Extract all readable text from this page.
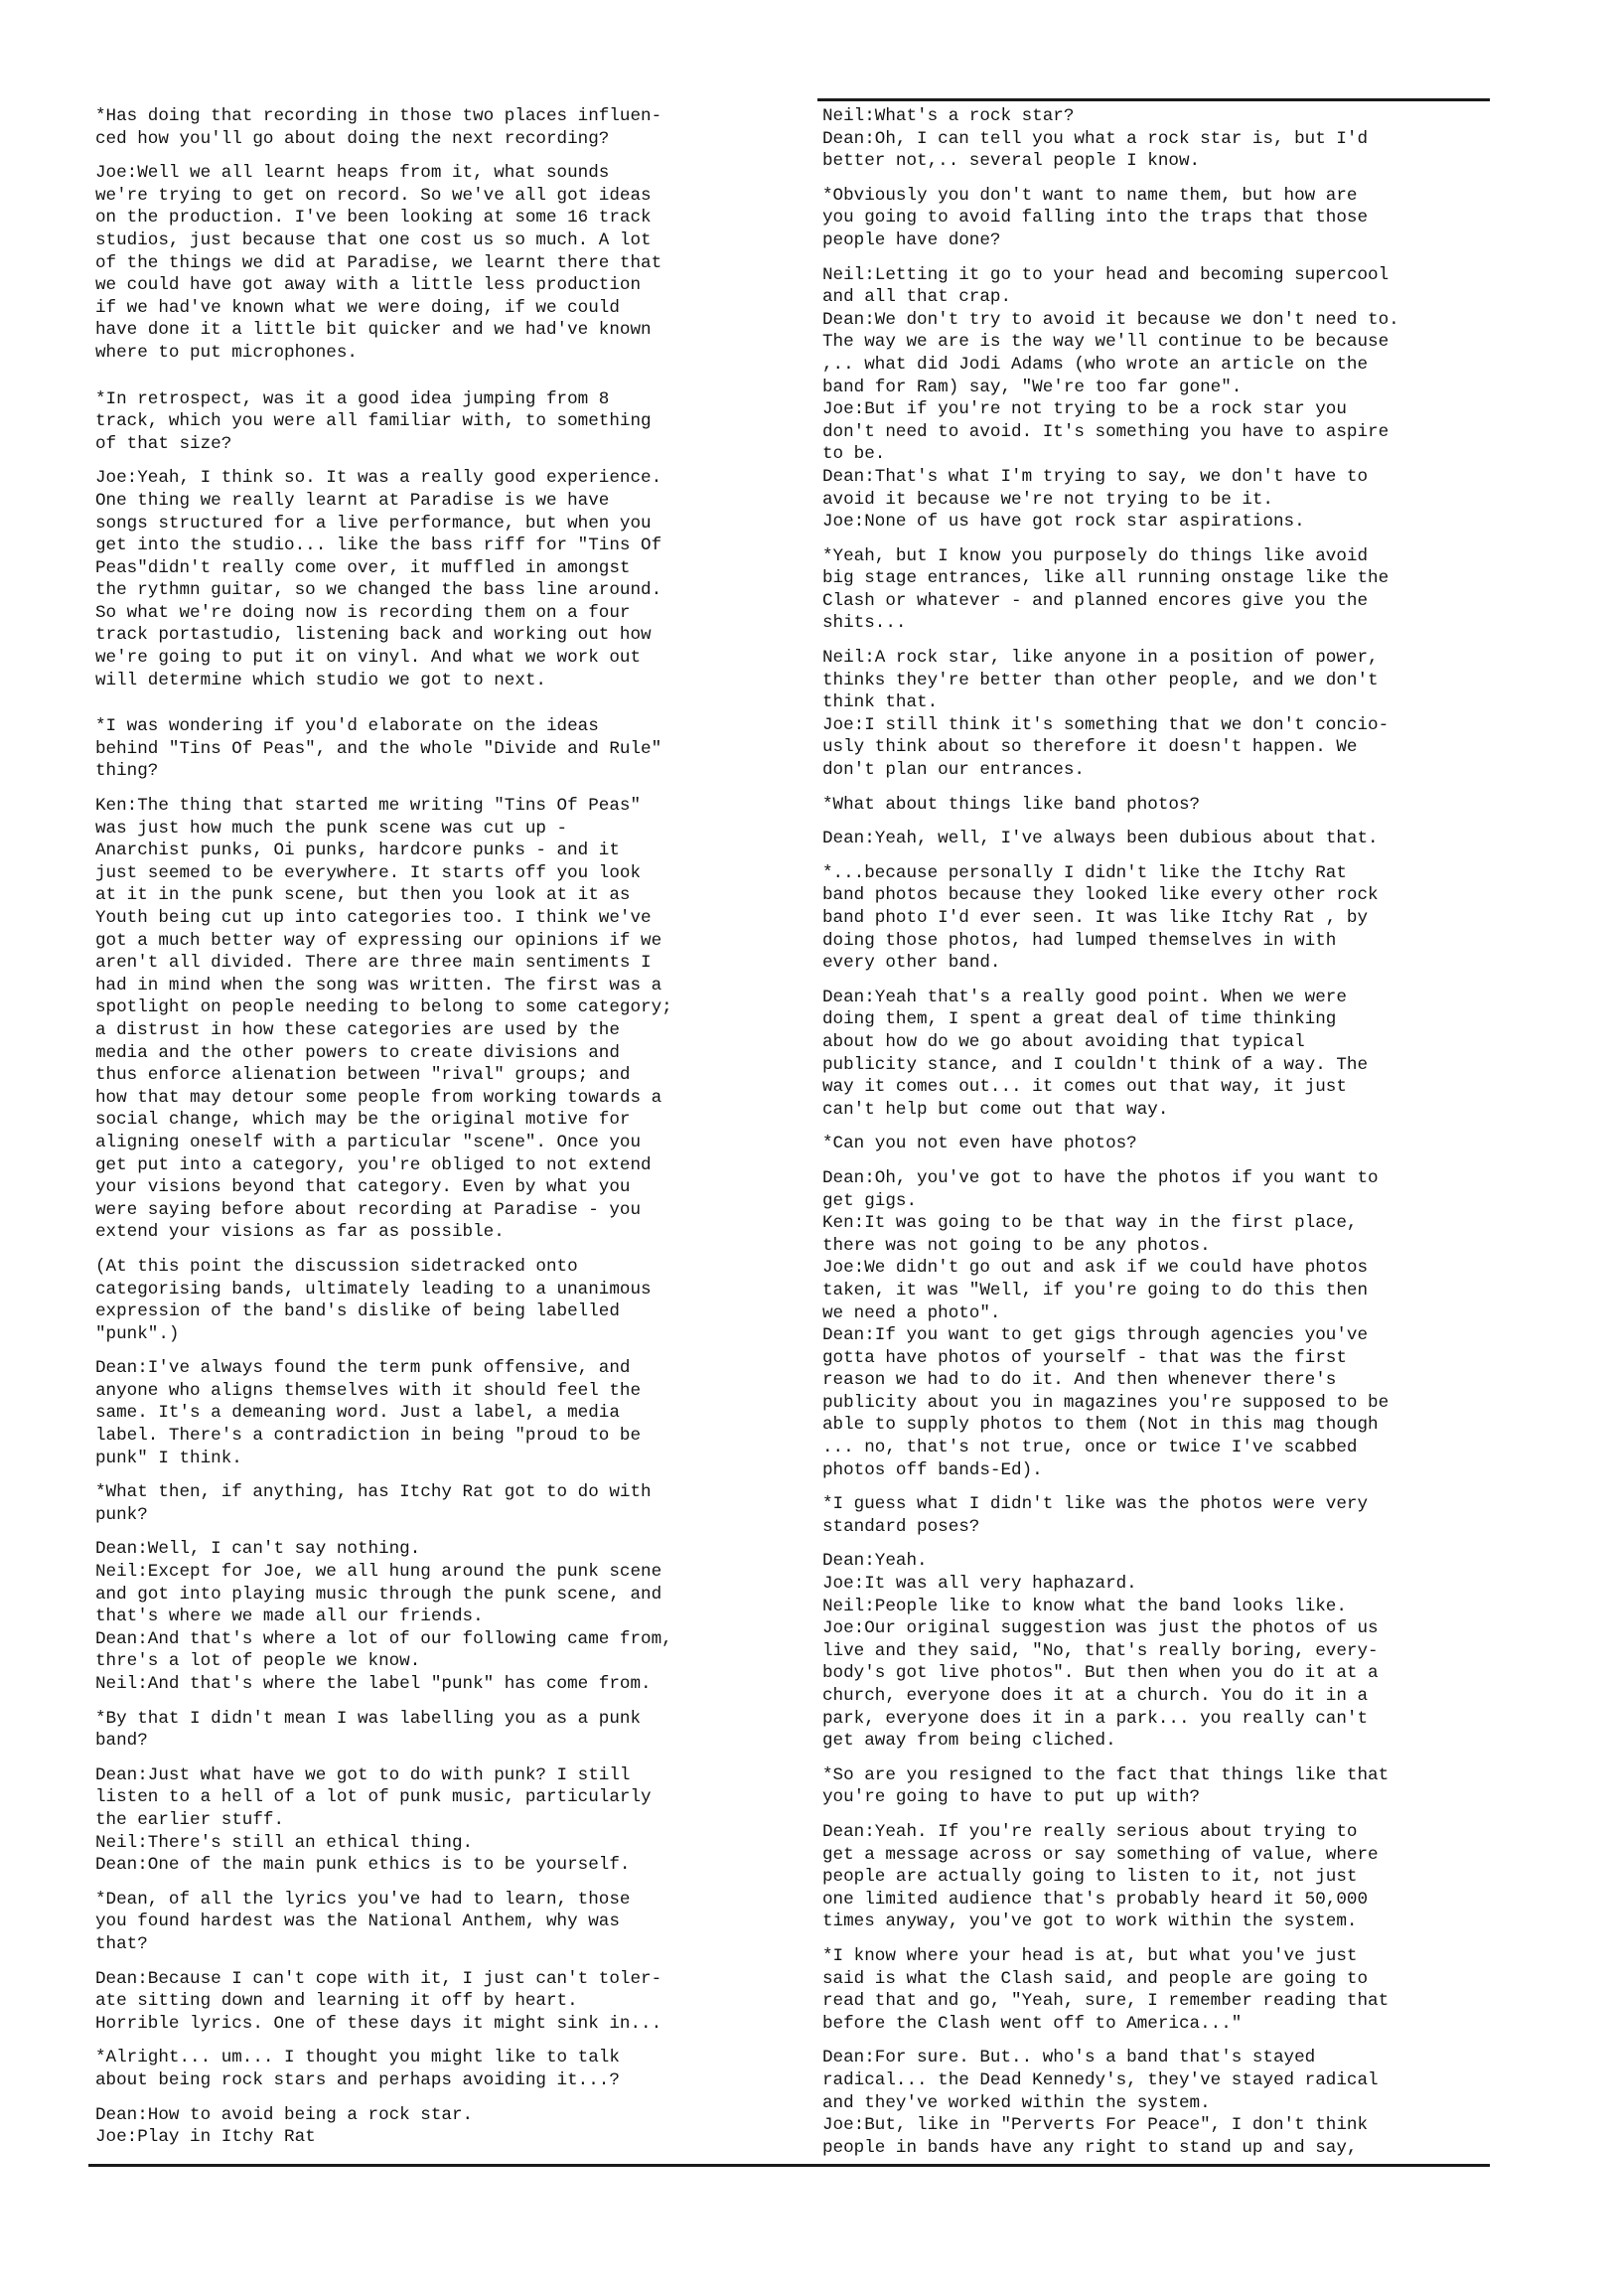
*Has doing that recording in those two places influen-
ced how you'll go about doing the next recording?
Joe:Well we all learnt heaps from it, what sounds
we're trying to get on record. So we've all got ideas
on the production. I've been looking at some 16 track
studios, just because that one cost us so much. A lot
of the things we did at Paradise, we learnt there that
we could have got away with a little less production
if we had've known what we were doing, if we could
have done it a little bit quicker and we had've known
where to put microphones.
*In retrospect, was it a good idea jumping from 8
track, which you were all familiar with, to something
of that size?
Joe:Yeah, I think so. It was a really good experience.
One thing we really learnt at Paradise is we have
songs structured for a live performance, but when you
get into the studio... like the bass riff for "Tins Of
Peas"didn't really come over, it muffled in amongst
the rythmn guitar, so we changed the bass line around.
So what we're doing now is recording them on a four
track portastudio, listening back and working out how
we're going to put it on vinyl. And what we work out
will determine which studio we got to next.
*I was wondering if you'd elaborate on the ideas
behind "Tins Of Peas", and the whole "Divide and Rule"
thing?
Ken:The thing that started me writing "Tins Of Peas"
was just how much the punk scene was cut up -
Anarchist punks, Oi punks, hardcore punks - and it
just seemed to be everywhere. It starts off you look
at it in the punk scene, but then you look at it as
Youth being cut up into categories too. I think we've
got a much better way of expressing our opinions if we
aren't all divided. There are three main sentiments I
had in mind when the song was written. The first was a
spotlight on people needing to belong to some category;
a distrust in how these categories are used by the
media and the other powers to create divisions and
thus enforce alienation between "rival" groups; and
how that may detour some people from working towards a
social change, which may be the original motive for
aligning oneself with a particular "scene". Once you
get put into a category, you're obliged to not extend
your visions beyond that category. Even by what you
were saying before about recording at Paradise - you
extend your visions as far as possible.
(At this point the discussion sidetracked onto
categorising bands, ultimately leading to a unanimous
expression of the band's dislike of being labelled
"punk".)
Dean:I've always found the term punk offensive, and
anyone who aligns themselves with it should feel the
same. It's a demeaning word. Just a label, a media
label. There's a contradiction in being "proud to be
punk" I think.
*What then, if anything, has Itchy Rat got to do with
punk?
Dean:Well, I can't say nothing.
Neil:Except for Joe, we all hung around the punk scene
and got into playing music through the punk scene, and
that's where we made all our friends.
Dean:And that's where a lot of our following came from,
thre's a lot of people we know.
Neil:And that's where the label "punk" has come from.
*By that I didn't mean I was labelling you as a punk
band?
Dean:Just what have we got to do with punk? I still
listen to a hell of a lot of punk music, particularly
the earlier stuff.
Neil:There's still an ethical thing.
Dean:One of the main punk ethics is to be yourself.
*Dean, of all the lyrics you've had to learn, those
you found hardest was the National Anthem, why was
that?
Dean:Because I can't cope with it, I just can't toler-
ate sitting down and learning it off by heart.
Horrible lyrics. One of these days it might sink in...
*Alright... um... I thought you might like to talk
about being rock stars and perhaps avoiding it...?
Dean:How to avoid being a rock star.
Joe:Play in Itchy Rat
Neil:What's a rock star?
Dean:Oh, I can tell you what a rock star is, but I'd
better not,.. several people I know.
*Obviously you don't want to name them, but how are
you going to avoid falling into the traps that those
people have done?
Neil:Letting it go to your head and becoming supercool
and all that crap.
Dean:We don't try to avoid it because we don't need to.
The way we are is the way we'll continue to be because
,.. what did Jodi Adams (who wrote an article on the
band for Ram) say, "We're too far gone".
Joe:But if you're not trying to be a rock star you
don't need to avoid. It's something you have to aspire
to be.
Dean:That's what I'm trying to say, we don't have to
avoid it because we're not trying to be it.
Joe:None of us have got rock star aspirations.
*Yeah, but I know you purposely do things like avoid
big stage entrances, like all running onstage like the
Clash or whatever - and planned encores give you the
shits...
Neil:A rock star, like anyone in a position of power,
thinks they're better than other people, and we don't
think that.
Joe:I still think it's something that we don't concio-
usly think about so therefore it doesn't happen. We
don't plan our entrances.
*What about things like band photos?
Dean:Yeah, well, I've always been dubious about that.
*...because personally I didn't like the Itchy Rat
band photos because they looked like every other rock
band photo I'd ever seen. It was like Itchy Rat , by
doing those photos, had lumped themselves in with
every other band.
Dean:Yeah that's a really good point. When we were
doing them, I spent a great deal of time thinking
about how do we go about avoiding that typical
publicity stance, and I couldn't think of a way. The
way it comes out... it comes out that way, it just
can't help but come out that way.
*Can you not even have photos?
Dean:Oh, you've got to have the photos if you want to
get gigs.
Ken:It was going to be that way in the first place,
there was not going to be any photos.
Joe:We didn't go out and ask if we could have photos
taken, it was "Well, if you're going to do this then
we need a photo".
Dean:If you want to get gigs through agencies you've
gotta have photos of yourself - that was the first
reason we had to do it. And then whenever there's
publicity about you in magazines you're supposed to be
able to supply photos to them (Not in this mag though
... no, that's not true, once or twice I've scabbed
photos off bands-Ed).
*I guess what I didn't like was the photos were very
standard poses?
Dean:Yeah.
Joe:It was all very haphazard.
Neil:People like to know what the band looks like.
Joe:Our original suggestion was just the photos of us
live and they said, "No, that's really boring, every-
body's got live photos". But then when you do it at a
church, everyone does it at a church. You do it in a
park, everyone does it in a park... you really can't
get away from being cliched.
*So are you resigned to the fact that things like that
you're going to have to put up with?
Dean:Yeah. If you're really serious about trying to
get a message across or say something of value, where
people are actually going to listen to it, not just
one limited audience that's probably heard it 50,000
times anyway, you've got to work within the system.
*I know where your head is at, but what you've just
said is what the Clash said, and people are going to
read that and go, "Yeah, sure, I remember reading that
before the Clash went off to America..."
Dean:For sure. But.. who's a band that's stayed
radical... the Dead Kennedy's, they've stayed radical
and they've worked within the system.
Joe:But, like in "Perverts For Peace", I don't think
people in bands have any right to stand up and say,
